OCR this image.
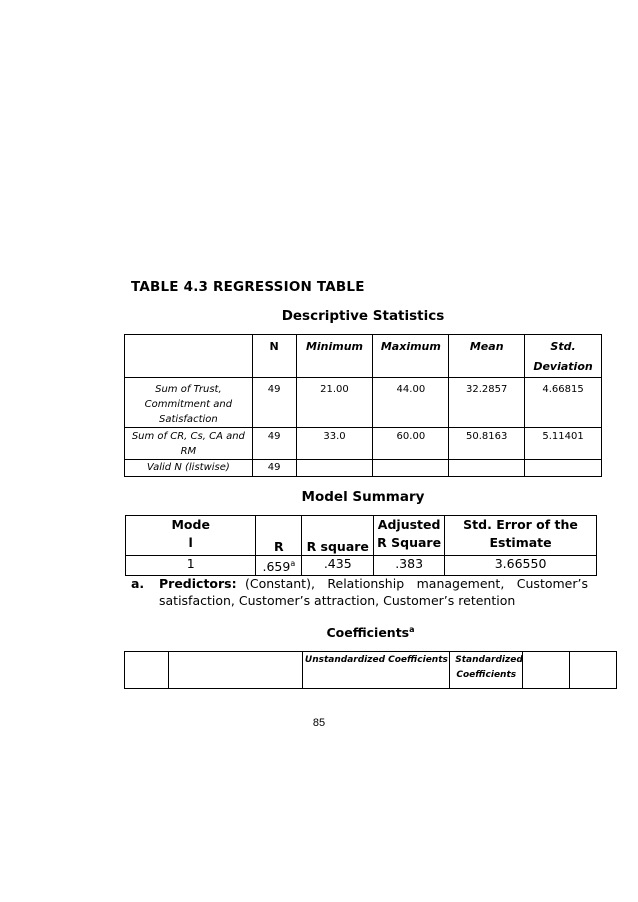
TABLE 4.3 REGRESSION TABLE
Descriptive Statistics
	N	Minimum	Maximum	Mean	Std. Deviation
Sum of Trust, Commitment and Satisfaction	49	21.00	44.00	32.2857	4.66815
Sum of CR, Cs, CA and RM	49	33.0	60.00	50.8163	5.11401
Valid N (listwise)	49				
Model Summary
Mode l	R	R square	Adjusted R Square	Std. Error of the Estimate

1	.659$^a$	.435	.383	3.66550
a. Predictors: (Constant), Relationship management, Customer’s
satisfaction, Customer’s attraction, Customer’s retention
Coefficients$^a$
		Unstandardized Coefficients	Standardized Coefficients

85
